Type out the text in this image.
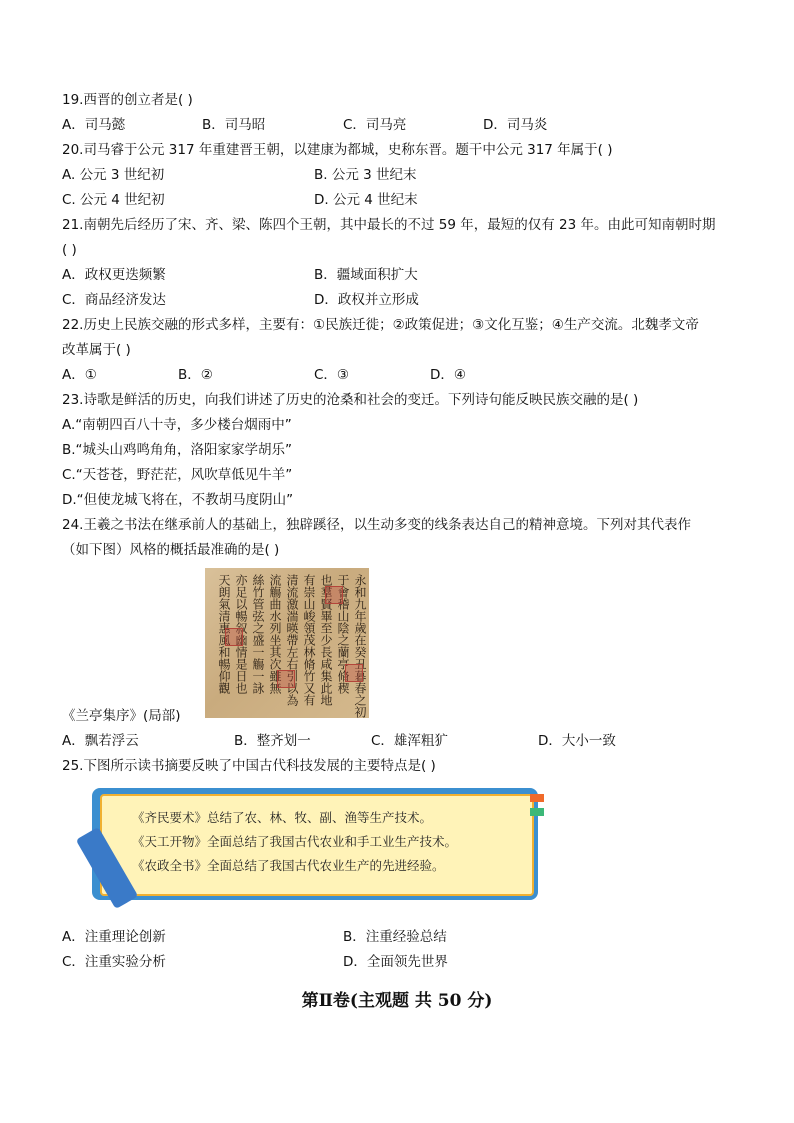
19.西晋的创立者是( )
A．司马懿	B．司马昭	C．司马亮	D．司马炎
20.司马睿于公元 317 年重建晋王朝，以建康为都城，史称东晋。题干中公元 317 年属于( )
A. 公元 3 世纪初	B. 公元 3 世纪末
C. 公元 4 世纪初	D. 公元 4 世纪末
21.南朝先后经历了宋、齐、梁、陈四个王朝，其中最长的不过 59 年，最短的仅有 23 年。由此可知南朝时期
( )
A．政权更迭频繁	B．疆域面积扩大
C．商品经济发达	D．政权并立形成
22.历史上民族交融的形式多样，主要有：①民族迁徙；②政策促进；③文化互鉴；④生产交流。北魏孝文帝
改革属于( )
A．①	B．②	C．③	D．④
23.诗歌是鲜活的历史，向我们讲述了历史的沧桑和社会的变迁。下列诗句能反映民族交融的是( )
A.“南朝四百八十寺，多少楼台烟雨中”
B.“城头山鸡鸣角角，洛阳家家学胡乐”
C.“天苍苍，野茫茫，风吹草低见牛羊”
D.“但使龙城飞将在，不教胡马度阴山”
24.王羲之书法在继承前人的基础上，独辟蹊径，以生动多变的线条表达自己的精神意境。下列对其代表作
（如下图）风格的概括最准确的是( )
永和九年歲在癸丑暮春之初
于會稽山陰之蘭亭脩稧
也羣賢畢至少長咸集此地
有崇山峻領茂林脩竹又有
清流激湍暎帶左右引以為
流觴曲水列坐其次雖無
絲竹管弦之盛一觴一詠
亦足以暢叙幽情是日也
天朗氣清惠風和暢仰觀
《兰亭集序》(局部)
A．飘若浮云	B．整齐划一	C．雄浑粗犷	D．大小一致
25.下图所示读书摘要反映了中国古代科技发展的主要特点是( )
《齐民要术》总结了农、林、牧、副、渔等生产技术。
《天工开物》全面总结了我国古代农业和手工业生产技术。
《农政全书》全面总结了我国古代农业生产的先进经验。
A．注重理论创新	B．注重经验总结
C．注重实验分析	D．全面领先世界
第Ⅱ卷(主观题 共 50 分)
